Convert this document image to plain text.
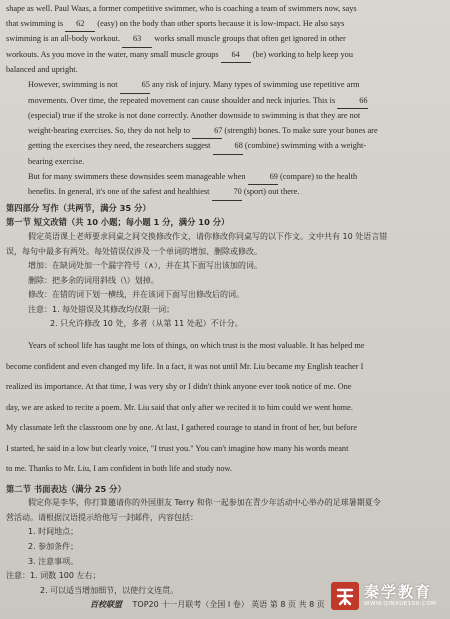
shape as well. Paul Waas, a former competitive swimmer, who is coaching a team of swimmers now, says
that swimming is 62 (easy) on the body than other sports because it is low-impact. He also says
swimming is an all-body workout. 63 works small muscle groups that often get ignored in other
workouts. As you move in the water, many small muscle groups 64 (be) working to help keep you
balanced and upright.

However, swimming is not	65 any risk of injury. Many types of swimming use repetitive arm
movements. Over time, the repeated movement can cause shoulder and neck injuries. This is	66
(especial) true if the stroke is not done correctly. Another downside to swimming is that they are not
weight-bearing exercises. So, they do not help to	67 (strength) bones. To make sure your bones are
getting the exercises they need, the researchers suggest	68 (combine) swimming with a weight-
bearing exercise.

But for many swimmers these downsides seem manageable when	69 (compare) to the health
benefits. In general, it's one of the safest and healthiest	70 (sport) out there.

第四部分 写作（共两节，满分 35 分）

第一节 短文改错（共 10 小题；每小题 1 分，满分 10 分）

假定英语课上老师要求同桌之间交换修改作文，请你修改你同桌写的以下作文。文中共有 10 处语言错

误，每句中最多有两处。每处错误仅涉及一个单词的增加、删除或修改。

增加：在缺词处加一个漏字符号（∧），并在其下面写出该加的词。

删除：把多余的词用斜线（\）划掉。

修改：在错的词下划一横线，并在该词下面写出修改后的词。

注意：1. 每处错误及其修改均仅限一词；

2. 只允许修改 10 处，多者（从第 11 处起）不计分。

Years of school life has taught me lots of things, on which trust is the most valuable. It has helped me
become confident and even changed my life. In a fact, it was not until Mr. Liu became my English teacher I
realized its importance. At that time, I was very shy or I didn't think anyone ever took notice of me. One
day, we are asked to recite a poem. Mr. Liu said that only after we recited it to him could we went home.
My classmate left the classroom one by one. At last, I gathered courage to stand in front of her, but before
I started, he said in a low but clearly voice, "I trust you." You can't imagine how many his words meant
to me. Thanks to Mr. Liu, I am confident in both life and study now.

第二节 书面表达（满分 25 分）

假定你是李华，你打算邀请你的外国朋友 Terry 和你一起参加在青少年活动中心举办的足球暑期夏令

营活动。请根据汉语提示给他写一封邮件，内容包括：

1. 时间地点；

2. 参加条件；

3. 注意事项。

注意：1. 词数 100 左右；

2. 可以适当增加细节，以使行文连贯。

百校联盟 TOP20 十一月联考（全国 I 卷） 英语 第 8 页 共 8 页
秦学教育
WWW.QINXUE100.COM
